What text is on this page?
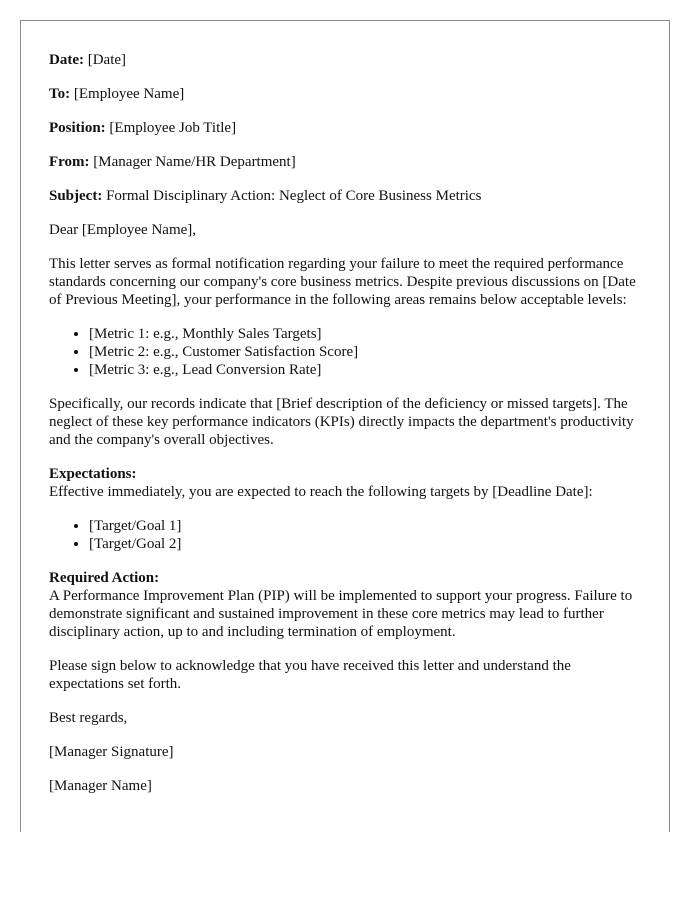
Date: [Date]

To: [Employee Name]

Position: [Employee Job Title]

From: [Manager Name/HR Department]

Subject: Formal Disciplinary Action: Neglect of Core Business Metrics

Dear [Employee Name],

This letter serves as formal notification regarding your failure to meet the required performance standards concerning our company's core business metrics. Despite previous discussions on [Date of Previous Meeting], your performance in the following areas remains below acceptable levels:

• [Metric 1: e.g., Monthly Sales Targets]
• [Metric 2: e.g., Customer Satisfaction Score]
• [Metric 3: e.g., Lead Conversion Rate]

Specifically, our records indicate that [Brief description of the deficiency or missed targets]. The neglect of these key performance indicators (KPIs) directly impacts the department's productivity and the company's overall objectives.

Expectations:
Effective immediately, you are expected to reach the following targets by [Deadline Date]:

• [Target/Goal 1]
• [Target/Goal 2]

Required Action:
A Performance Improvement Plan (PIP) will be implemented to support your progress. Failure to demonstrate significant and sustained improvement in these core metrics may lead to further disciplinary action, up to and including termination of employment.

Please sign below to acknowledge that you have received this letter and understand the expectations set forth.

Best regards,

[Manager Signature]

[Manager Name]
